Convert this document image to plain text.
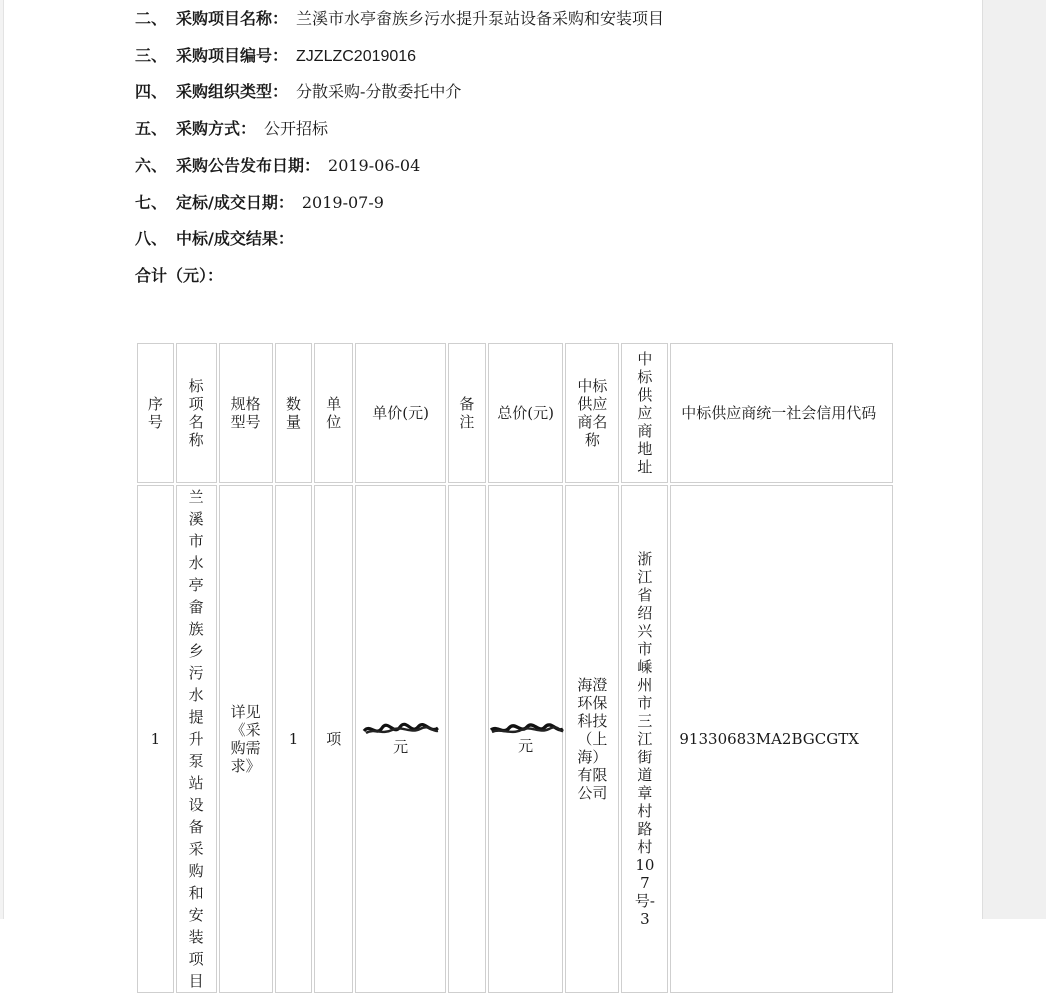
二、 采购项目名称： 兰溪市水亭畲族乡污水提升泵站设备采购和安装项目
三、 采购项目编号： ZJZLZC2019016
四、 采购组织类型： 分散采购-分散委托中介
五、 采购方式： 公开招标
六、 采购公告发布日期： 2019-06-04
七、 定标/成交日期： 2019-07-9
八、 中标/成交结果：
合计（元）：
序号	标项名称	规格型号	数量	单位	单价(元)	备注	总价(元)	中标供应商名称	中标供应商地址	中标供应商统一社会信用代码

1	兰溪市水亭畲族乡污水提升泵站设备采购和安装项目	详见《采购需求》	1	项	元		元	海澄环保科技（上海）有限公司	浙江省绍兴市嵊州市三江街道章村路村107号-3	91330683MA2BGCGTX
